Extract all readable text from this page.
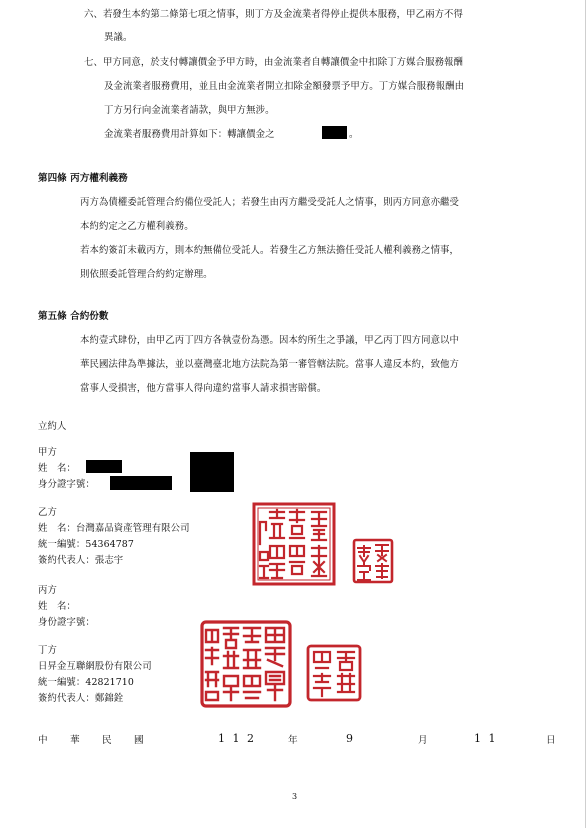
六、若發生本約第二條第七項之情事，則丁方及金流業者得停止提供本服務，甲乙兩方不得
異議。
七、甲方同意，於支付轉讓價金予甲方時，由金流業者自轉讓價金中扣除丁方媒合服務報酬
及金流業者服務費用，並且由金流業者開立扣除金額發票予甲方。丁方媒合服務報酬由
丁方另行向金流業者請款，與甲方無涉。
金流業者服務費用計算如下：轉讓價金之	。
第四條 丙方權利義務
丙方為債權委託管理合約備位受託人；若發生由丙方繼受受託人之情事，則丙方同意亦繼受
本約約定之乙方權利義務。
若本約簽訂未載丙方，則本約無備位受託人。若發生乙方無法擔任受託人權利義務之情事，
則依照委託管理合約約定辦理。
第五條 合約份數
本約壹式肆份，由甲乙丙丁四方各執壹份為憑。因本約所生之爭議，甲乙丙丁四方同意以中
華民國法律為準據法，並以臺灣臺北地方法院為第一審管轄法院。當事人違反本約，致他方
當事人受損害，他方當事人得向違約當事人請求損害賠償。
立約人
甲方
姓　名：
身分證字號：
乙方
姓　名：台灣嘉品資產管理有限公司
統一編號：54364787
簽約代表人：張志宇
丙方
姓　名：
身份證字號：
丁方
日昇金互聯網股份有限公司
統一編號：42821710
簽約代表人：鄭錦銓
中 華 民 國	1 1 2	年	9	月	1 1	日
3
